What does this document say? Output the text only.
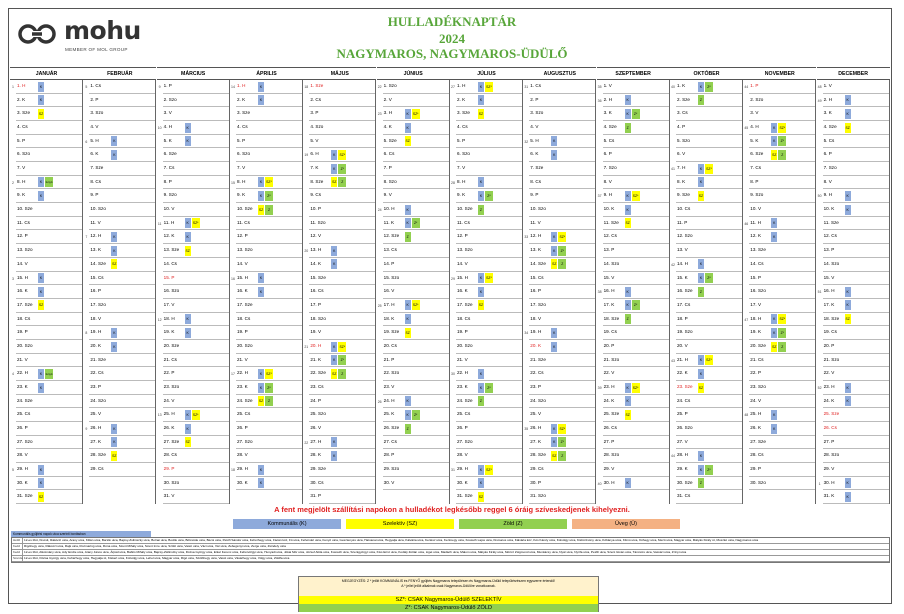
mohu
MEMBER OF MOL GROUP
HULLADÉKNAPTÁR
2024
NAGYMAROS, NAGYMAROS-ÜDÜLŐ
JANUÁR
1. H	K
1
2. K	K
3. Sze	SZ
4. Cs
5. P
6. Szo
7. V
8. H	K	fenyő
2
9. K	K
10. Sze
11. Cs
12. P
13. Szo
14. V
15. H	K
3
16. K	K
17. Sze SZ
18. Cs
19. P
20. Szo
21. V
22. H	K	fenyő
4
23. K	K
24. Sze
25. Cs
26. P
27. Szo
28. V
29. H	K
5
30. K	K
31. Sze SZ
FEBRUÁR
1. Cs
5
2. P
3. Szo
4. V
5. H	K
6
6. K	K
7. Sze
8. Cs
9. P
10. Szo
11. V
12. H	K
7
13. K	K
14. Sze SZ
15. Cs
16. P
17. Szo
18. V
19. H	K
8
20. K	K
21. Sze
22. Cs
23. P
24. Szo
25. V
26. H	K
9
27. K	K
28. Sze SZ
29. Cs
MÁRCIUS
1. P
9
2. Szo
3. V
4. H	K
10
5. K	K
6. Sze
7. Cs
8. P
9. Szo
10. V
11. H	K	SZ*
11
12. K	K
13. Sze SZ
14. Cs
15. P
16. Szo
17. V
18. H	K
12
19. K	K
20. Sze
21. Cs
22. P
23. Szo
24. V
25. H	K	SZ*
13
26. K	K
27. Sze SZ
28. Cs
29. P
30. Szo
31. V
ÁPRILIS
1. H	K
14
2. K	K
3. Sze
4. Cs
5. P
6. Szo
7. V
8. H	K	SZ*
15
9. K	K	Z*
10. Sze SZ	Z
11. Cs
12. P
13. Szo
14. V
15. H	K
16
16. K	K
17. Sze
18. Cs
19. P
20. Szo
21. V
22. H	K	SZ*
17
23. K	K	Z*
24. Sze SZ	Z
25. Cs
26. P
27. Szo
28. V
29. H	K
18
30. K	K
MÁJUS
1. Sze
18
2. Cs
3. P
4. Szo
5. V
6. H	K	SZ*
19
7. K	K	Z*
8. Sze	SZ	Z
9. Cs
10. P
11. Szo
12. V
13. H	K
20
14. K	K
15. Sze
16. Cs
17. P
18. Szo
19. V
20. H	K	SZ*
21
21. K	K	Z*
22. Sze SZ	Z
23. Cs
24. P
25. Szo
26. V
27. H	K
22
28. K	K
29. Sze
30. Cs
31. P
JÚNIUS
1. Szo
22
2. V
3. H	K	SZ*
23
4. K	K
5. Sze	SZ
6. Cs
7. P
8. Szo
9. V
10. H	K
24
11. K	K	Z*
12. Sze	Z
13. Cs
14. P
15. Szo
16. V
17. H	K	SZ*
25
18. K	K
19. Sze SZ
20. Cs
21. P
22. Szo
23. V
24. H	K
26
25. K	K	Z*
26. Sze	Z
27. Cs
28. P
29. Szo
30. V
JÚLIUS
1. H	K	SZ*
27
2. K	K
3. Sze	SZ
4. Cs
5. P
6. Szo
7. V
8. H	K
28
9. K	K	Z*
10. Sze	Z
11. Cs
12. P
13. Szo
14. V
15. H	K	SZ*
29
16. K	K
17. Sze SZ
18. Cs
19. P
20. Szo
21. V
22. H	K
30
23. K	K	Z*
24. Sze	Z
25. Cs
26. P
27. Szo
28. V
29. H	K	SZ*
31
30. K	K
31. Sze SZ
AUGUSZTUS
1. Cs
31
2. P
3. Szo
4. V
5. H	K
32
6. K	K
7. Sze
8. Cs
9. P
10. Szo
11. V
12. H	K	SZ*
33
13. K	K	Z*
14. Sze SZ	Z
15. Cs
16. P
17. Szo
18. V
19. H	K
34
20. K	K
21. Sze
22. Cs
23. P
24. Szo
25. V
26. H	K	SZ*
35
27. K	K	Z*
28. Sze SZ	Z
29. Cs
30. P
31. Szo
SZEPTEMBER
1. V
35
2. H	K
36
3. K	K	Z*
4. Sze	Z
5. Cs
6. P
7. Szo
8. V
9. H	K	SZ*
37
10. K	K
11. Sze SZ
12. Cs
13. P
14. Szo
15. V
16. H	K
38
17. K	K	Z*
18. Sze	Z
19. Cs
20. P
21. Szo
22. V
23. H	K	SZ*
39
24. K	K
25. Sze SZ
26. Cs
27. P
28. Szo
29. V
30. H	K
40
OKTÓBER
1. K	K	Z*
40
2. Sze	Z
3. Cs
4. P
5. Szo
6. V
7. H	K	SZ*
41
8. K	K
9. Sze	SZ
10. Cs
11. P
12. Szo
13. V
14. H	K
42
15. K	K	Z*
16. Sze	Z
17. Cs
18. P
19. Szo
20. V
21. H	K	SZ*
43
22. K	K
23. Sze SZ
24. Cs
25. P
26. Szo
27. V
28. H	K
44
29. K	K	Z*
30. Sze	Z
31. Cs
NOVEMBER
1. P
44
2. Szo
3. V
4. H	K	SZ*
45
5. K	K	Z*
6. Sze	SZ	Z
7. Cs
8. P
9. Szo
10. V
11. H	K
46
12. K	K
13. Sze
14. Cs
15. P
16. Szo
17. V
18. H	K	SZ*
47
19. K	K	Z*
20. Sze SZ	Z
21. Cs
22. P
23. Szo
24. V
25. H	K
48
26. K	K
27. Sze
28. Cs
29. P
30. Szo
DECEMBER
1. V
48
2. H	K
49
3. K	K
4. Sze	SZ
5. Cs
6. P
7. Szo
8. V
9. H	K
50
10. K	K
11. Sze
12. Cs
13. P
14. Szo
15. V
16. H	K
51
17. K	K
18. Sze SZ
19. Cs
20. P
21. Szo
22. V
23. H	K
52
24. K	K
25. Sze
26. Cs
27. P
28. Szo
29. V
30. H	K
1
31. K	K
A fent megjelölt szállítási napokon a hulladékot legkésőbb reggel 6 óráig szíveskedjenek kihelyezni.
Kommunális (K)	Szelektív (SZ)	Zöld (Z)	Üveg (Ü)
Kommunális gyűjtési napok utca szerinti bontásban
Hétfő	12-es főút, Kiscsit, Rákóczi utca, Arany utca, Kilián utca, Bartók utca, Bajcsy-Zsilinszky utca, Bolnai utca, Bodók utca, Bölcsőde utca, Bécsi utca, Petőfi Sándor utca, Fehérhegy utca, Fácán köz, Fő utca, Fehérvári utca, Fenyő utca, Gesztenyés utca, Hatvanai utca, Hegyalja utca, Kálvária utca, Kertész utca, Kertmegy utca, Kossuth Lajos utca, Kismaros utca, Kálvária köz, Kós Károly utca, Kútvölgy utca, Kisbörzsöny utca, Kőbánya utca, Klimó utca, Kőhegy utca, Mező utca, Magyar utca, Mátyás Király út, Moszkó utca, Nagymaros utca
Kedd	Rigóhegy utca, Rákóczi utca, Rajk utca, Rozmaring utca, Róna utca, Szent Mihály utca, Szent Imre utca, Szőlő utca, Vasút utca, Váci utca, Vár utca, Zebegényi utca, Zerge utca, Zsindely utca
Kedd	12-es főút, Alkotmány utca, Ady Endre utca, Arany János utca, Árpád utca, Babits Mihály utca, Bajcsy-Zsilinszky utca, Dózsa György utca, Erkel Ferenc utca, Fehérvölgyi utca, Hunyadi utca, Jókai Mór utca, József Attila utca, Kossuth utca, Szentgyörgyi utca, Kiss Ernő utca, Kodály Zoltán utca, Liget utca, Madách utca, Malom utca, Mátyás Király utca, Móricz Zsigmond utca, Munkácsy utca, Nyár utca, Nyírfa utca, Petőfi utca, Szent István utca, Táncsics utca, Vasvári utca, Zrínyi utca
Szerda 12-es főút, Dózsa György utca, Fehérhegy utca, Hegyalja út, Kiskert utca, Kútvölgy utca, Lehel utca, Magyar utca, Rigó utca, Szőlőhegy utca, Vasút utca, Vásárhegy utca, Völgy utca, Zöldfa utca
MEGJEGYZÉS: Z * jelölt KOMMUNÁLIS és FENYŐ gyűjtés Nagymaros településen és Nagymaros-Üdülő településrészen egyszerre értendő!
A * jellel jelölt alkalmak csak Nagymaros-Üdülőre vonatkoznak.
SZ*: CSAK Nagymaros-Üdülő SZELEKTÍV
Z*: CSAK Nagymaros-Üdülő ZÖLD
